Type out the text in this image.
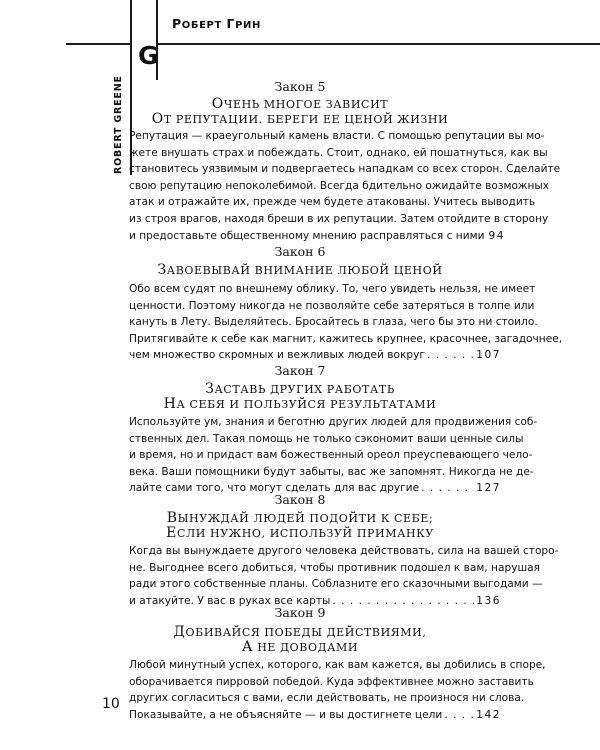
G
РОБЕРТ ГРИН
ROBERT GREENE	Закон 5
ОЧЕНЬ МНОГОЕ ЗАВИСИТ
ОТ РЕПУТАЦИИ. БЕРЕГИ ЕЕ ЦЕНОЙ ЖИЗНИ
Репутация — краеугольный камень власти. С помощью репутации вы мо-
жете внушать страх и побеждать. Стоит, однако, ей пошатнуться, как вы
становитесь уязвимым и подвергаетесь нападкам со всех сторон. Сделайте
свою репутацию непоколебимой. Всегда бдительно ожидайте возможных
атак и отражайте их, прежде чем будете атакованы. Учитесь выводить
из строя врагов, находя бреши в их репутации. Затем отойдите в сторону
и предоставьте общественному мнению расправляться с ними 94
Закон 6
ЗАВОЕВЫВАЙ ВНИМАНИЕ ЛЮБОЙ ЦЕНОЙ
Обо всем судят по внешнему облику. То, чего увидеть нельзя, не имеет
ценности. Поэтому никогда не позволяйте себе затеряться в толпе или
кануть в Лету. Выделяйтесь. Бросайтесь в глаза, чего бы это ни стоило.
Притягивайте к себе как магнит, кажитесь крупнее, красочнее, загадочнее,
чем множество скромных и вежливых людей вокруг . . .	107
Закон 7
ЗАСТАВЬ ДРУГИХ РАБОТАТЬ
НА СЕБЯ И ПОЛЬЗУЙСЯ РЕЗУЛЬТАТАМИ
Используйте ум, знания и беготню других людей для продвижения соб-
ственных дел. Такая помощь не только сэкономит ваши ценные силы
и время, но и придаст вам божественный ореол преуспевающего чело-
века. Ваши помощники будут забыты, вас же запомнят. Никогда не де-
лайте сами того, что могут сделать для вас другие . . .	127
Закон 8
ВЫНУЖДАЙ ЛЮДЕЙ ПОДОЙТИ К СЕБЕ;
ЕСЛИ НУЖНО, ИСПОЛЬЗУЙ ПРИМАНКУ
Когда вы вынуждаете другого человека действовать, сила на вашей сторо-
не. Выгоднее всего добиться, чтобы противник подошел к вам, нарушая
ради этого собственные планы. Соблазните его сказочными выгодами —
и атакуйте. У вас в руках все карты . . .	136
Закон 9
ДОБИВАЙСЯ ПОБЕДЫ ДЕЙСТВИЯМИ,
А НЕ ДОВОДАМИ
Любой минутный успех, которого, как вам кажется, вы добились в споре,
оборачивается пирровой победой. Куда эффективнее можно заставить
других согласиться с вами, если действовать, не произнося ни слова.
Показывайте, а не объясняйте — и вы достигнете цели . . .	142
10
